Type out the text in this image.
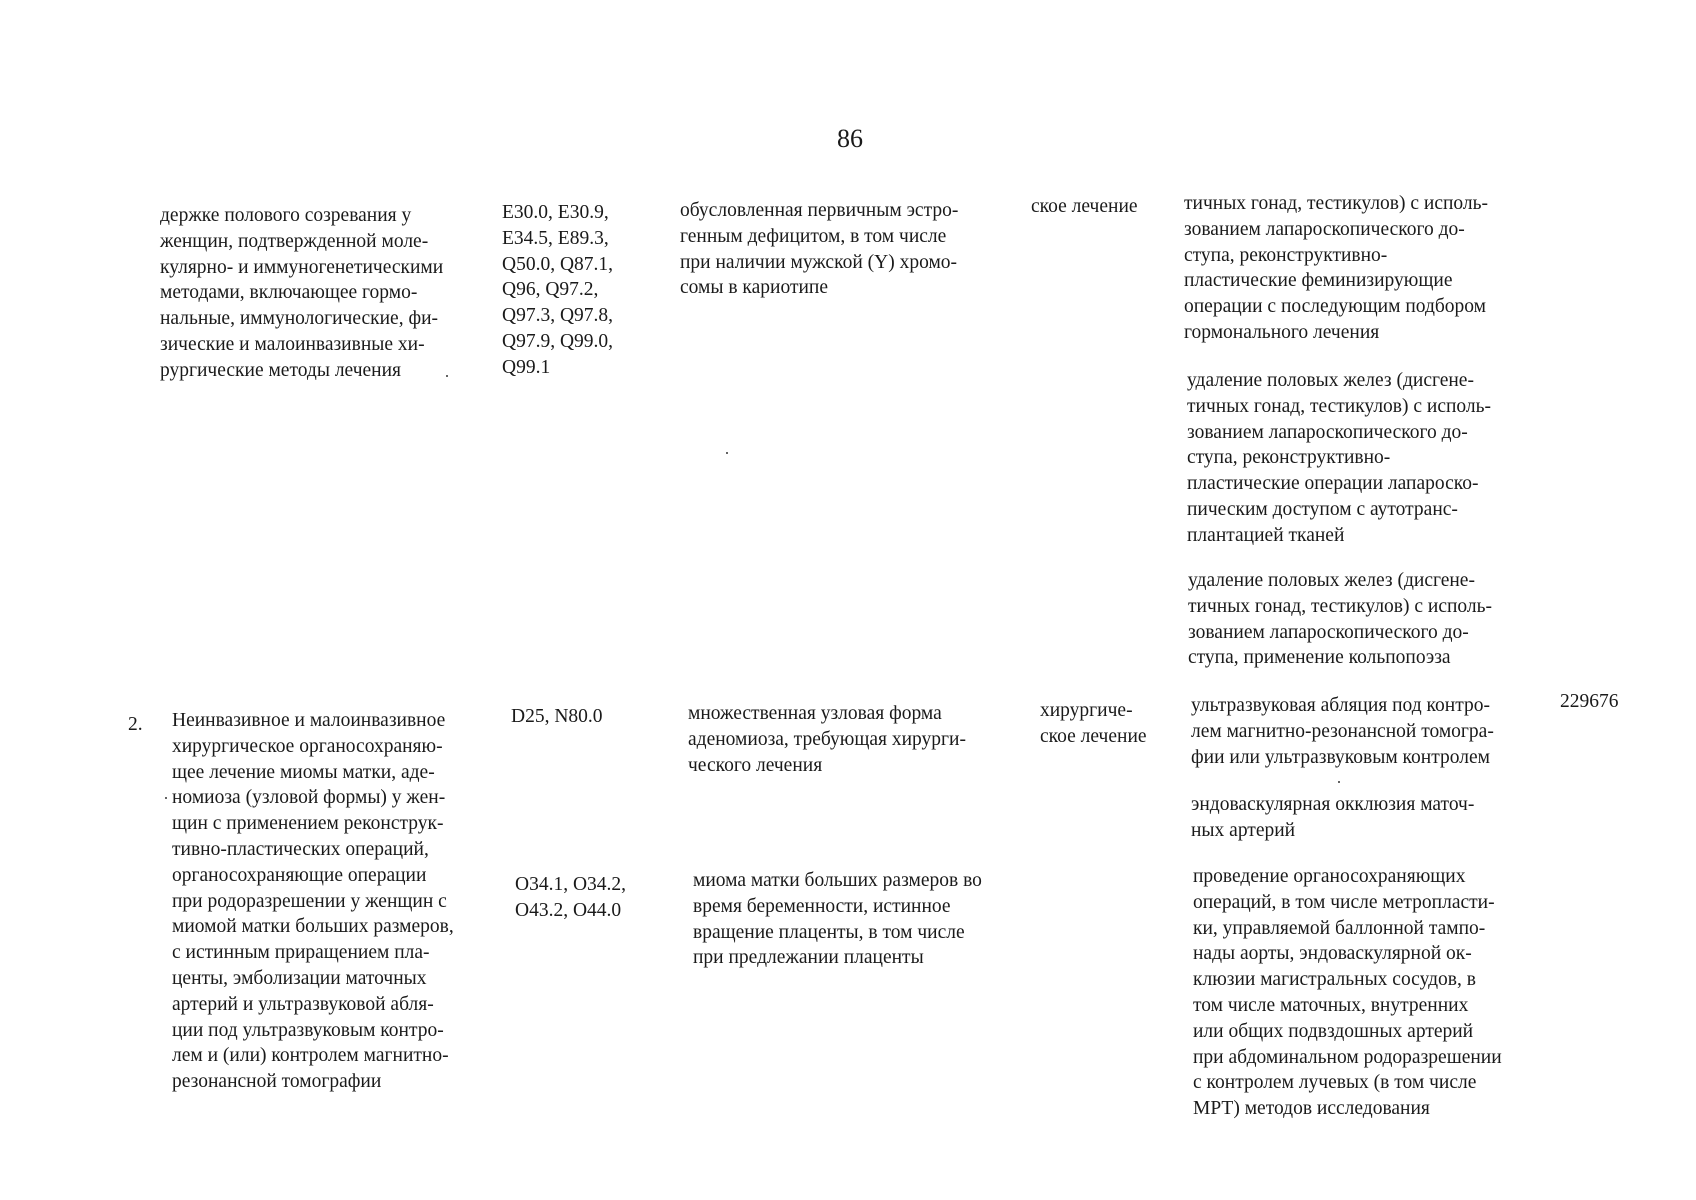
86
держке полового созревания у
женщин, подтвержденной моле-
кулярно- и иммуногенетическими
методами, включающее гормо-
нальные, иммунологические, фи-
зические и малоинвазивные хи-
рургические методы лечения
E30.0, E30.9,
E34.5, E89.3,
Q50.0, Q87.1,
Q96, Q97.2,
Q97.3, Q97.8,
Q97.9, Q99.0,
Q99.1
обусловленная первичным эстро-
генным дефицитом, в том числе
при наличии мужской (Y) хромо-
сомы в кариотипе
ское лечение тичных гонад, тестикулов) с исполь-
зованием лапароскопического до-
ступа, реконструктивно-
пластические феминизирующие
операции с последующим подбором
гормонального лечения
удаление половых желез (дисгене-
тичных гонад, тестикулов) с исполь-
зованием лапароскопического до-
ступа, реконструктивно-
пластические операции лапароско-
пическим доступом с аутотранс-
плантацией тканей
удаление половых желез (дисгене-
тичных гонад, тестикулов) с исполь-
зованием лапароскопического до-
ступа, применение кольпопоэза
2. Неинвазивное и малоинвазивное
хирургическое органосохраняю-
щее лечение миомы матки, аде-
номиоза (узловой формы) у жен-
щин с применением реконструк-
тивно-пластических операций,
органосохраняющие операции
при родоразрешении у женщин с
миомой матки больших размеров,
с истинным приращением пла-
центы, эмболизации маточных
артерий и ультразвуковой абля-
ции под ультразвуковым контро-
лем и (или) контролем магнитно-
резонансной томографии
D25, N80.0	множественная узловая форма
аденомиоза, требующая хирурги-
ческого лечения
хирургиче-
ское лечение
ультразвуковая абляция под контро-
лем магнитно-резонансной томогра-
фии или ультразвуковым контролем
эндоваскулярная окклюзия маточ-
ных артерий
229676
O34.1, O34.2,
O43.2, O44.0
миома матки больших размеров во
время беременности, истинное
вращение плаценты, в том числе
при предлежании плаценты
проведение органосохраняющих
операций, в том числе метропласти-
ки, управляемой баллонной тампо-
нады аорты, эндоваскулярной ок-
клюзии магистральных сосудов, в
том числе маточных, внутренних
или общих подвздошных артерий
при абдоминальном родоразрешении
с контролем лучевых (в том числе
МРТ) методов исследования
